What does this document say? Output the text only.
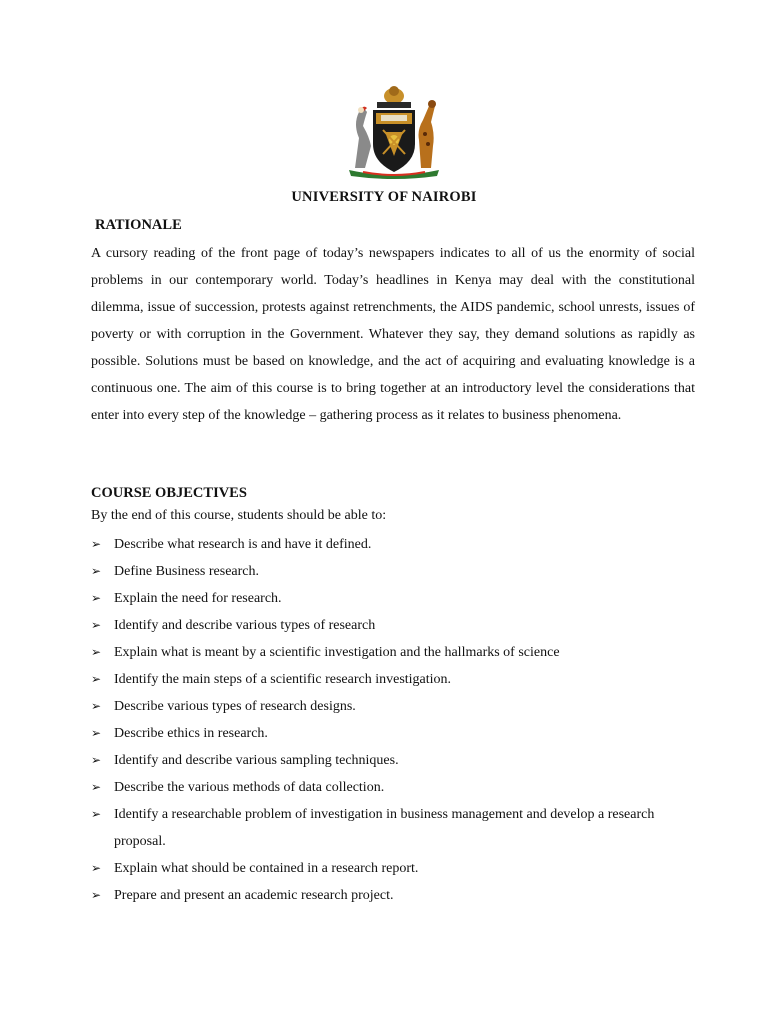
UNIVERSITY OF NAIROBI
RATIONALE
A cursory reading of the front page of today’s newspapers indicates to all of us the enormity of social problems in our contemporary world. Today’s headlines in Kenya may deal with the constitutional dilemma, issue of succession, protests against retrenchments, the AIDS pandemic, school unrests, issues of poverty or with corruption in the Government. Whatever they say, they demand solutions as rapidly as possible. Solutions must be based on knowledge, and the act of acquiring and evaluating knowledge is a continuous one. The aim of this course is to bring together at an introductory level the considerations that enter into every step of the knowledge – gathering process as it relates to business phenomena.
COURSE OBJECTIVES
By the end of this course, students should be able to:
➢ Describe what research is and have it defined.
➢ Define Business research.
➢ Explain the need for research.
➢ Identify and describe various types of research
➢ Explain what is meant by a scientific investigation and the hallmarks of science
➢ Identify the main steps of a scientific research investigation.
➢ Describe various types of research designs.
➢ Describe ethics in research.
➢ Identify and describe various sampling techniques.
➢ Describe the various methods of data collection.
➢ Identify a researchable problem of investigation in business management and develop a research proposal.
➢ Explain what should be contained in a research report.
➢ Prepare and present an academic research project.
